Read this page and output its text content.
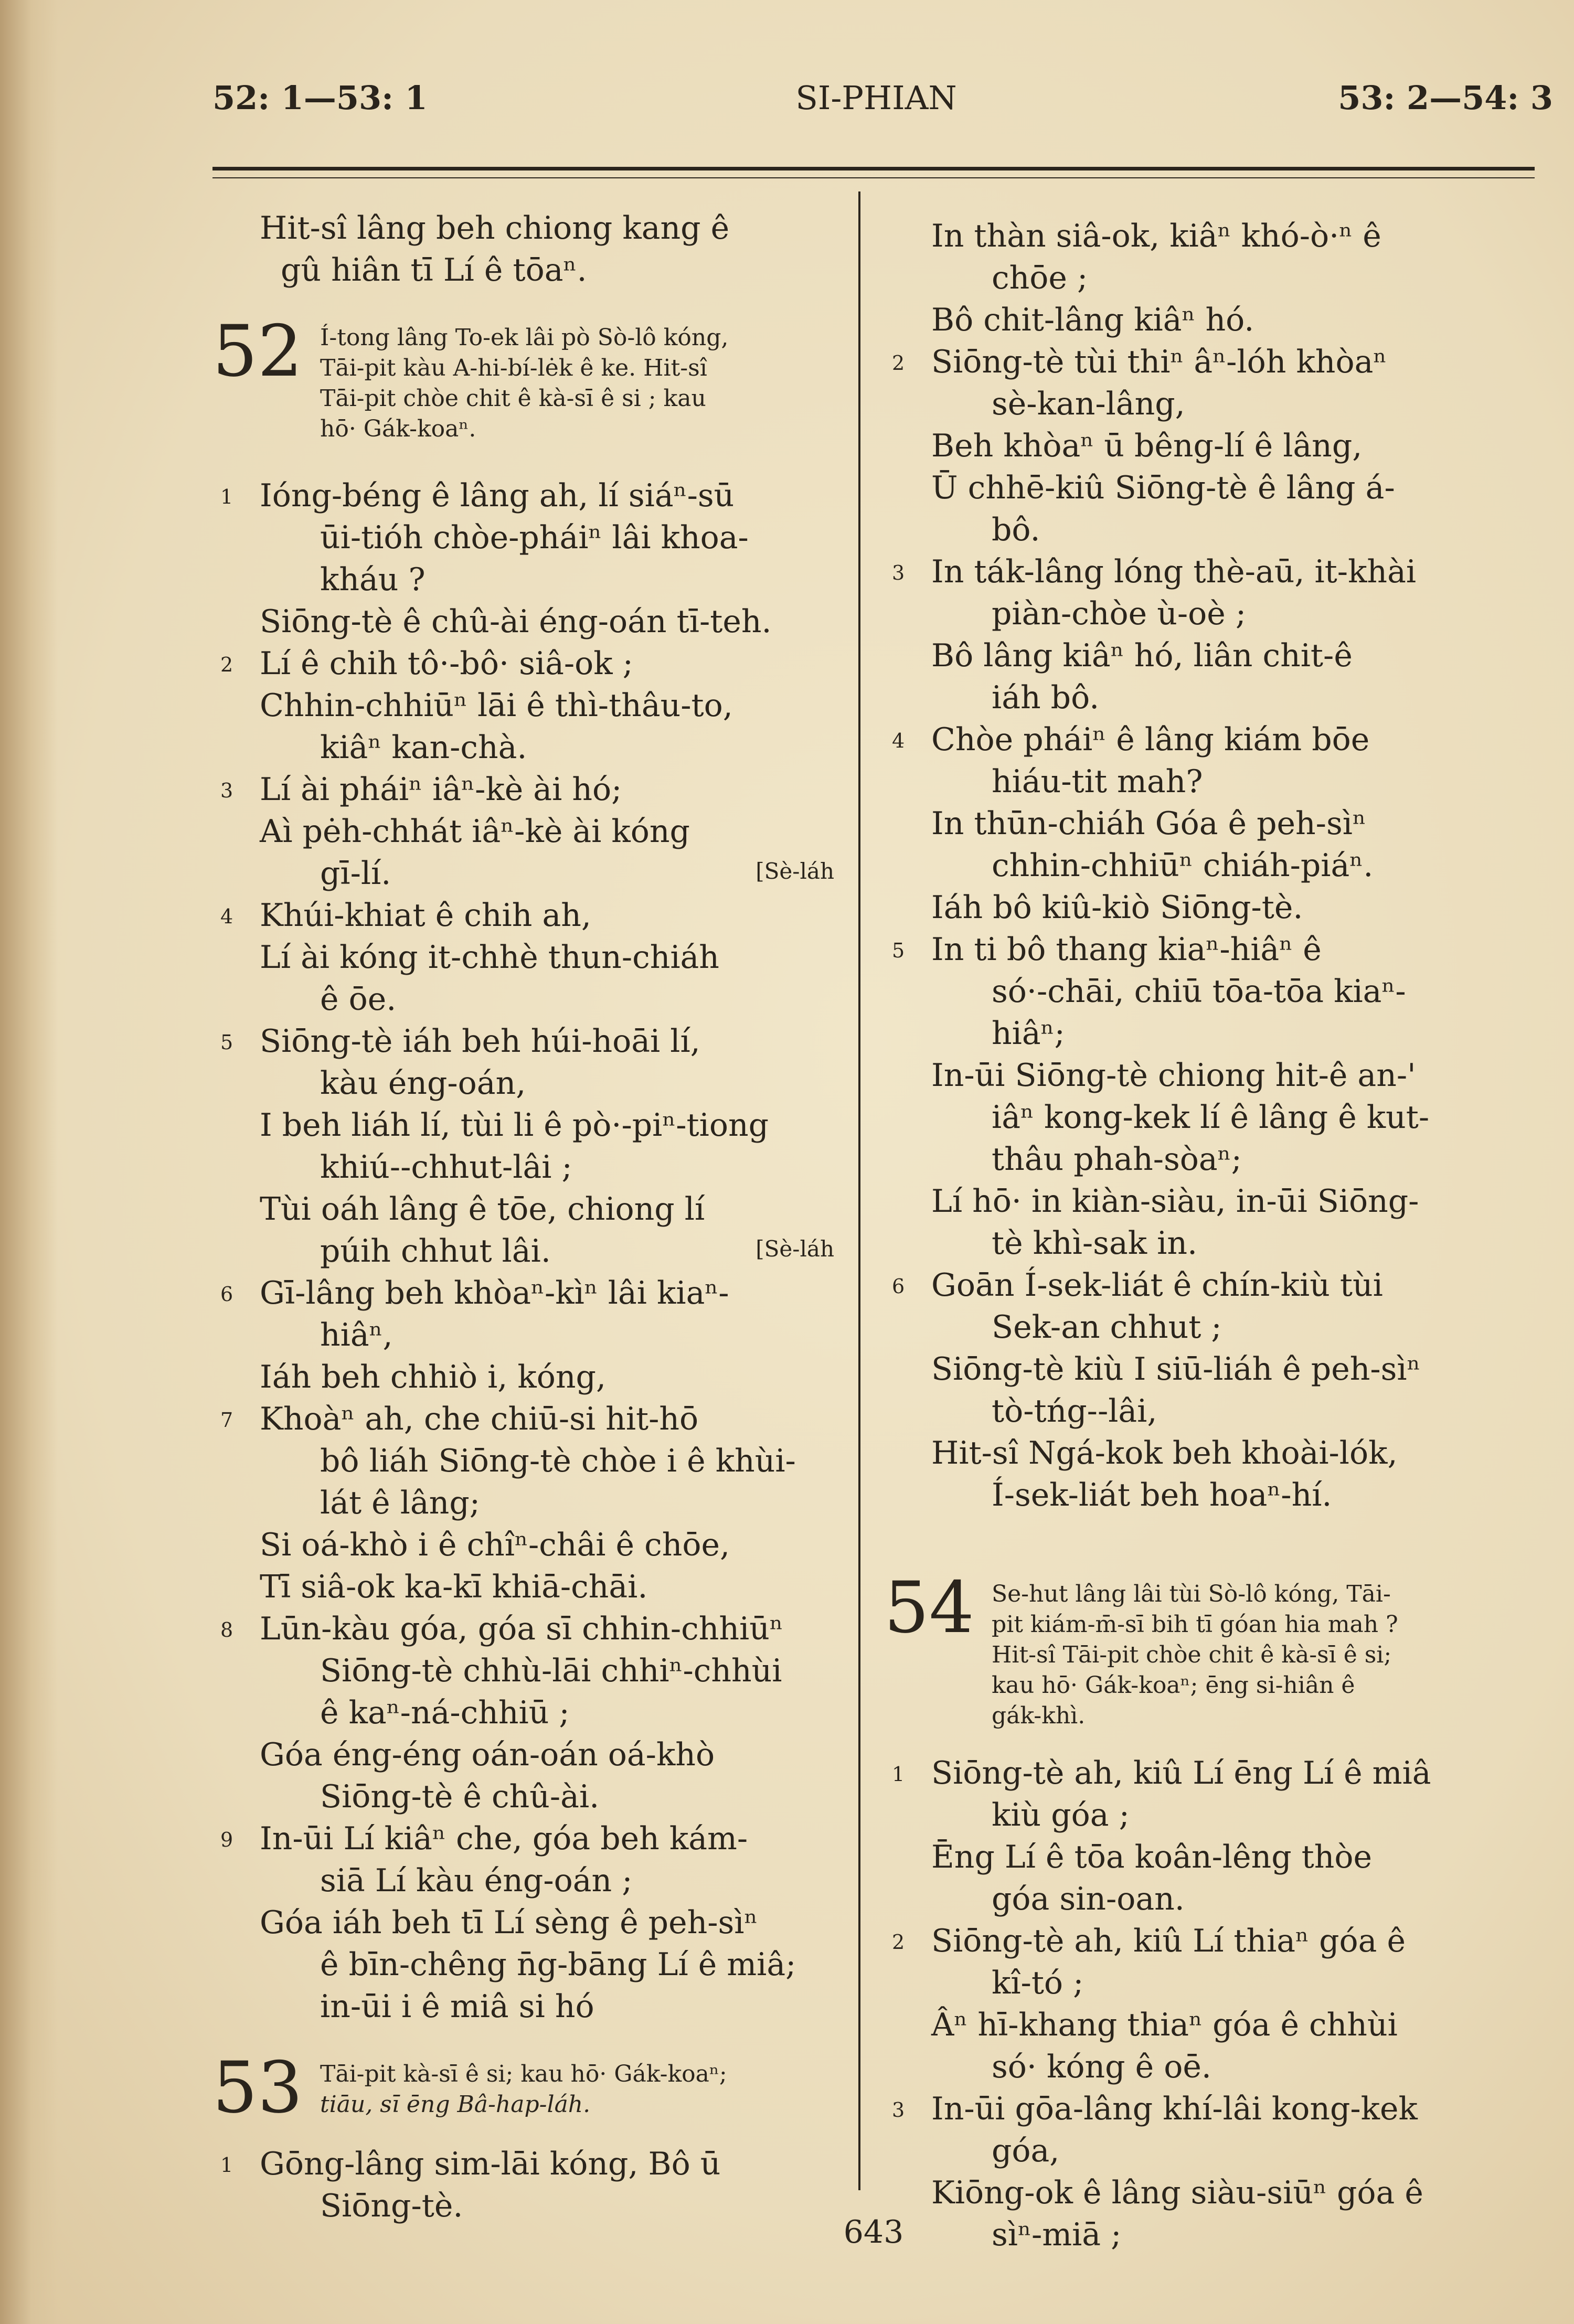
52: 1—53: 1	SI-PHIAN	53: 2—54: 3
Hit-sî lâng beh chiong kang ê
gû hiân tī Lí ê tōaⁿ.
52 Í-tong lâng To-ek lâi pò Sò-lô kóng,
Tāi-pit kàu A-hi-bí-lėk ê ke. Hit-sî
Tāi-pit chòe chit ê kà-sī ê si ; kau
hō· Gák-koaⁿ.
1 Ióng-béng ê lâng ah, lí siáⁿ-sū
ūi-tióh chòe-pháiⁿ lâi khoa-
kháu ?
Siōng-tè ê chû-ài éng-oán tī-teh.
2 Lí ê chih tô·-bô· siâ-ok ;
Chhin-chhiūⁿ lāi ê thì-thâu-to,
kiâⁿ kan-chà.
3 Lí ài pháiⁿ iâⁿ-kè ài hó;
Aì pėh-chhát iâⁿ-kè ài kóng
gī-lí.	[Sè-láh
4 Khúi-khiat ê chih ah,
Lí ài kóng it-chhè thun-chiáh
ê ōe.
5 Siōng-tè iáh beh húi-hoāi lí,
kàu éng-oán,
I beh liáh lí, tùi li ê pò·-piⁿ-tiong
khiú--chhut-lâi ;
Tùi oáh lâng ê tōe, chiong lí
púih chhut lâi.	[Sè-láh
6 Gī-lâng beh khòaⁿ-kìⁿ lâi kiaⁿ-
hiâⁿ,
Iáh beh chhiò i, kóng,
7 Khoàⁿ ah, che chiū-si hit-hō
bô liáh Siōng-tè chòe i ê khùi-
lát ê lâng;
Si oá-khò i ê chîⁿ-châi ê chōe,
Tī siâ-ok ka-kī khiā-chāi.
8 Lūn-kàu góa, góa sī chhin-chhiūⁿ
Siōng-tè chhù-lāi chhiⁿ-chhùi
ê kaⁿ-ná-chhiū ;
Góa éng-éng oán-oán oá-khò
Siōng-tè ê chû-ài.
9 In-ūi Lí kiâⁿ che, góa beh kám-
siā Lí kàu éng-oán ;
Góa iáh beh tī Lí sèng ê peh-sìⁿ
ê bīn-chêng n̄g-bāng Lí ê miâ;
in-ūi i ê miâ si hó
53 Tāi-pit kà-sī ê si; kau hō· Gák-koaⁿ;
tiāu, sī ēng Bâ-hap-láh.
1 Gōng-lâng sim-lāi kóng, Bô ū
Siōng-tè.
In thàn siâ-ok, kiâⁿ khó-ò·ⁿ ê
chōe ;
Bô chit-lâng kiâⁿ hó.
2 Siōng-tè tùi thiⁿ âⁿ-lóh khòaⁿ
sè-kan-lâng,
Beh khòaⁿ ū bêng-lí ê lâng,
Ū chhē-kiû Siōng-tè ê lâng á-
bô.
3 In ták-lâng lóng thè-aū, it-khài
piàn-chòe ù-oè ;
Bô lâng kiâⁿ hó, liân chit-ê
iáh bô.
4 Chòe pháiⁿ ê lâng kiám bōe
hiáu-tit mah?
In thūn-chiáh Góa ê peh-sìⁿ
chhin-chhiūⁿ chiáh-piáⁿ.
Iáh bô kiû-kiò Siōng-tè.
5 In ti bô thang kiaⁿ-hiâⁿ ê
só·-chāi, chiū tōa-tōa kiaⁿ-
hiâⁿ;
In-ūi Siōng-tè chiong hit-ê an-'
iâⁿ kong-kek lí ê lâng ê kut-
thâu phah-sòaⁿ;
Lí hō· in kiàn-siàu, in-ūi Siōng-
tè khì-sak in.
6 Goān Í-sek-liát ê chín-kiù tùi
Sek-an chhut ;
Siōng-tè kiù I siū-liáh ê peh-sìⁿ
tò-tńg--lâi,
Hit-sî Ngá-kok beh khoài-lók,
Í-sek-liát beh hoaⁿ-hí.
54 Se-hut lâng lâi tùi Sò-lô kóng, Tāi-
pit kiám-m̄-sī bih tī góan hia mah ?
Hit-sî Tāi-pit chòe chit ê kà-sī ê si;
kau hō· Gák-koaⁿ; ēng si-hiân ê
gák-khì.
1 Siōng-tè ah, kiû Lí ēng Lí ê miâ
kiù góa ;
Ēng Lí ê tōa koân-lêng thòe
góa sin-oan.
2 Siōng-tè ah, kiû Lí thiaⁿ góa ê
kî-tó ;
Âⁿ hī-khang thiaⁿ góa ê chhùi
só· kóng ê oē.
3 In-ūi gōa-lâng khí-lâi kong-kek
góa,
Kiōng-ok ê lâng siàu-siūⁿ góa ê
sìⁿ-miā ;
643
